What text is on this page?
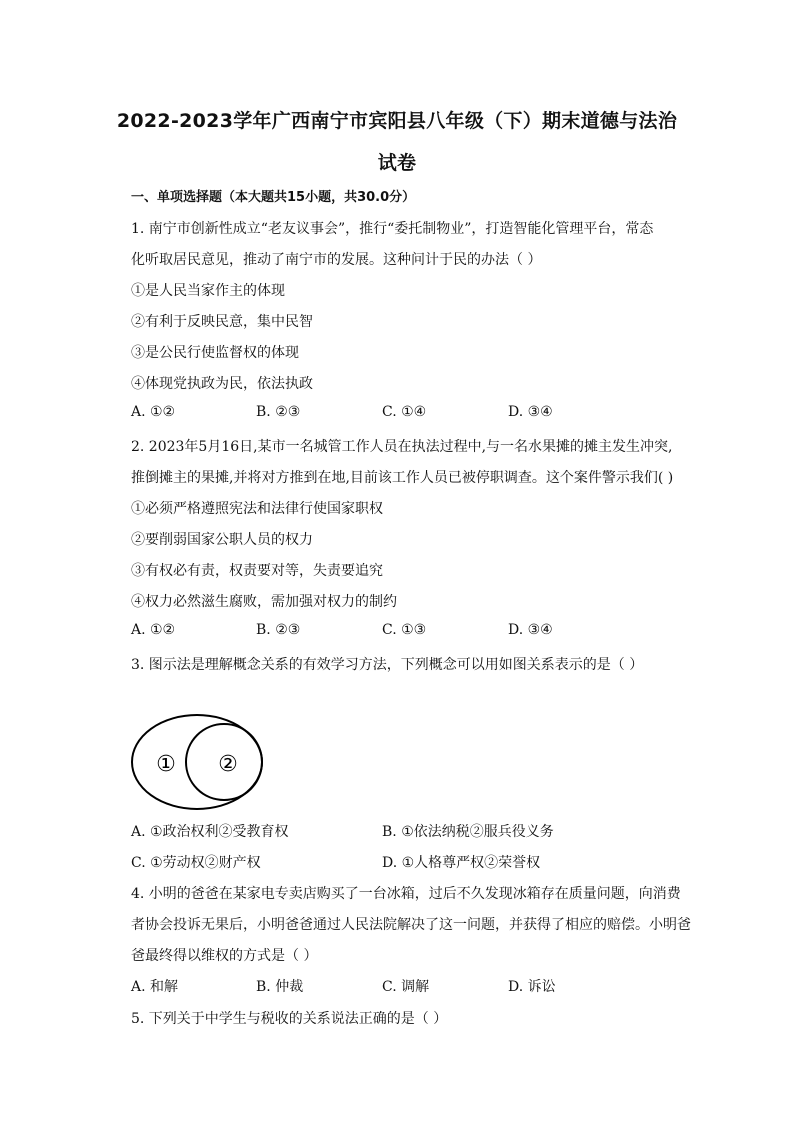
2022-2023学年广西南宁市宾阳县八年级（下）期末道德与法治
试卷
一、单项选择题（本大题共15小题，共30.0分）
1. 南宁市创新性成立“老友议事会”，推行“委托制物业”，打造智能化管理平台，常态
化听取居民意见，推动了南宁市的发展。这种问计于民的办法（ ）
①是人民当家作主的体现
②有利于反映民意，集中民智
③是公民行使监督权的体现
④体现党执政为民，依法执政
A. ①②	B. ②③	C. ①④	D. ③④
2. 2023年5月16日,某市一名城管工作人员在执法过程中,与一名水果摊的摊主发生冲突,
推倒摊主的果摊,并将对方推到在地,目前该工作人员已被停职调查。这个案件警示我们( )
①必须严格遵照宪法和法律行使国家职权
②要削弱国家公职人员的权力
③有权必有责，权责要对等，失责要追究
④权力必然滋生腐败，需加强对权力的制约
A. ①②	B. ②③	C. ①③	D. ③④
3. 图示法是理解概念关系的有效学习方法，下列概念可以用如图关系表示的是（ ）
① ②
A. ①政治权利②受教育权	B. ①依法纳税②服兵役义务
C. ①劳动权②财产权	D. ①人格尊严权②荣誉权
4. 小明的爸爸在某家电专卖店购买了一台冰箱，过后不久发现冰箱存在质量问题，向消费
者协会投诉无果后，小明爸爸通过人民法院解决了这一问题，并获得了相应的赔偿。小明爸
爸最终得以维权的方式是（ ）
A. 和解	B. 仲裁	C. 调解	D. 诉讼
5. 下列关于中学生与税收的关系说法正确的是（ ）
